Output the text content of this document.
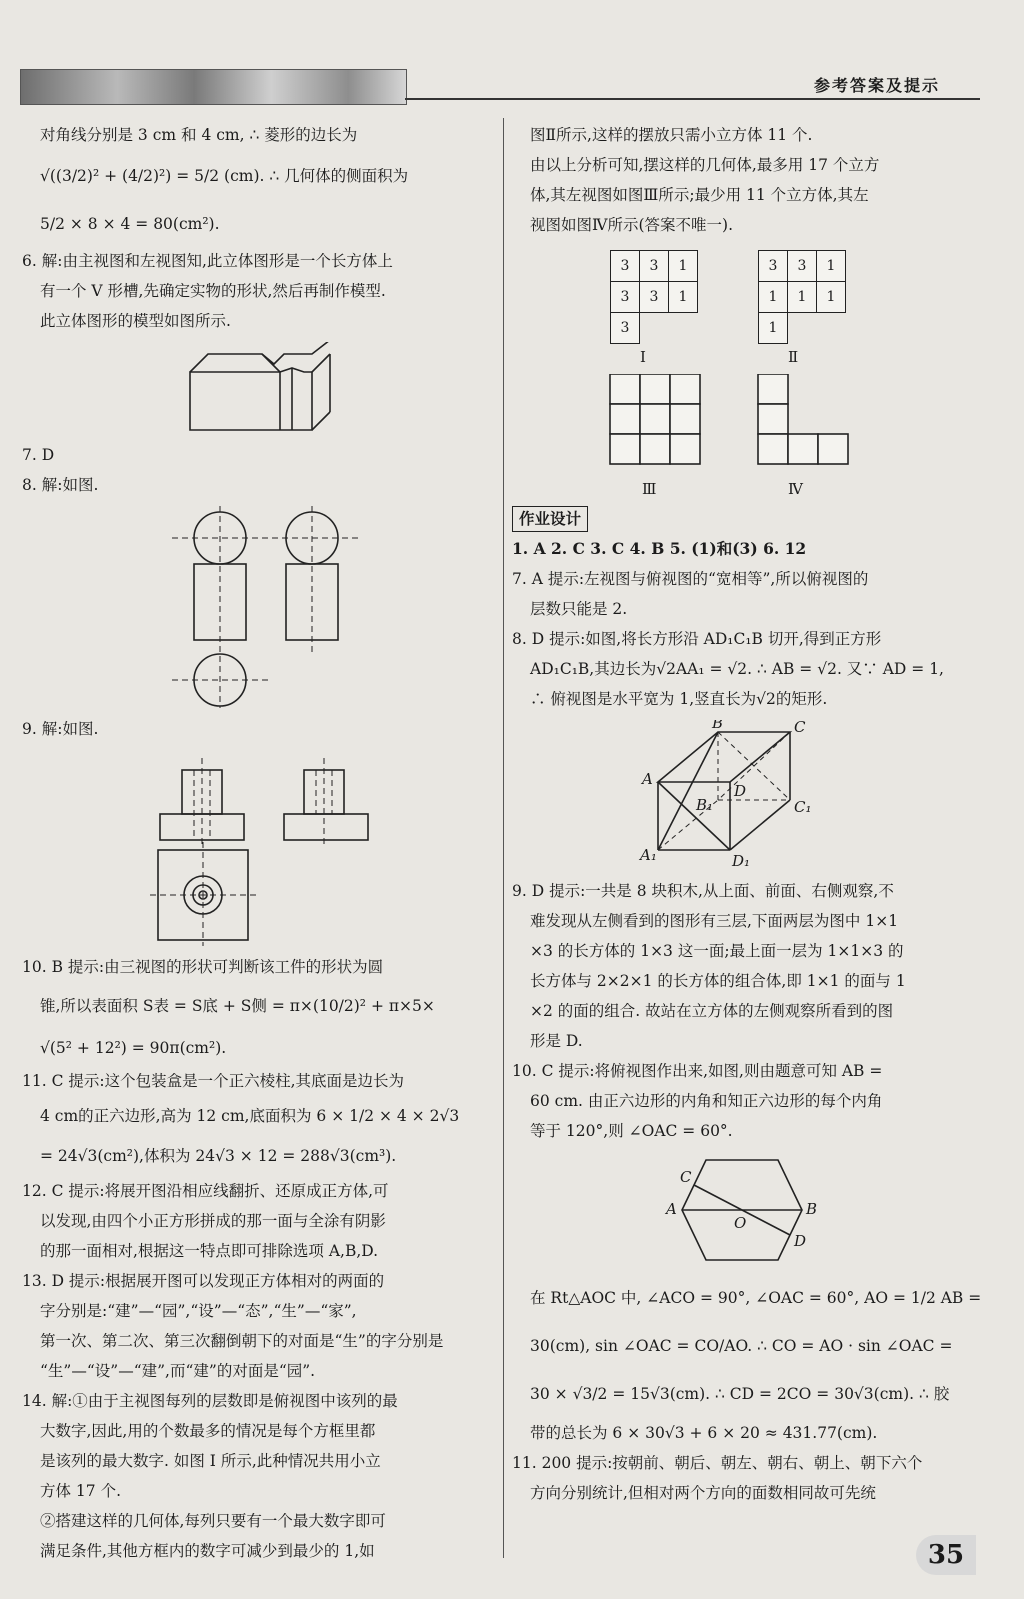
参考答案及提示
对角线分别是 3 cm 和 4 cm, ∴ 菱形的边长为
√((3/2)² + (4/2)²) = 5/2 (cm). ∴ 几何体的侧面积为
5/2 × 8 × 4 = 80(cm²).
6. 解:由主视图和左视图知,此立体图形是一个长方体上
有一个 V 形槽,先确定实物的形状,然后再制作模型.
此立体图形的模型如图所示.
7. D
8. 解:如图.
9. 解:如图.
10. B 提示:由三视图的形状可判断该工件的形状为圆
锥,所以表面积 S表 = S底 + S侧 = π×(10/2)² + π×5×
√(5² + 12²) = 90π(cm²).
11. C 提示:这个包装盒是一个正六棱柱,其底面是边长为
4 cm的正六边形,高为 12 cm,底面积为 6 × 1/2 × 4 × 2√3
= 24√3(cm²),体积为 24√3 × 12 = 288√3(cm³).
12. C 提示:将展开图沿相应线翻折、还原成正方体,可
以发现,由四个小正方形拼成的那一面与全涂有阴影
的那一面相对,根据这一特点即可排除选项 A,B,D.
13. D 提示:根据展开图可以发现正方体相对的两面的
字分别是:“建”—“园”,“设”—“态”,“生”—“家”,
第一次、第二次、第三次翻倒朝下的对面是“生”的字分别是
“生”—“设”—“建”,而“建”的对面是“园”.
14. 解:①由于主视图每列的层数即是俯视图中该列的最
大数字,因此,用的个数最多的情况是每个方框里都
是该列的最大数字. 如图 I 所示,此种情况共用小立
方体 17 个.
②搭建这样的几何体,每列只要有一个最大数字即可
满足条件,其他方框内的数字可减少到最少的 1,如
图Ⅱ所示,这样的摆放只需小立方体 11 个.
由以上分析可知,摆这样的几何体,最多用 17 个立方
体,其左视图如图Ⅲ所示;最少用 11 个立方体,其左
视图如图Ⅳ所示(答案不唯一).
3	3	1
3	3	1
3		
3	3	1
1	1	1
1		
Ⅰ	Ⅱ
Ⅲ	Ⅳ
作业设计
1. A 2. C 3. C 4. B 5. (1)和(3) 6. 12
7. A 提示:左视图与俯视图的“宽相等”,所以俯视图的
层数只能是 2.
8. D 提示:如图,将长方形沿 AD₁C₁B 切开,得到正方形
AD₁C₁B,其边长为√2AA₁ = √2. ∴ AB = √2. 又∵ AD = 1,
∴ 俯视图是水平宽为 1,竖直长为√2的矩形.
B	C
A
B₁
D
C₁
A₁	D₁
9. D 提示:一共是 8 块积木,从上面、前面、右侧观察,不
难发现从左侧看到的图形有三层,下面两层为图中 1×1
×3 的长方体的 1×3 这一面;最上面一层为 1×1×3 的
长方体与 2×2×1 的长方体的组合体,即 1×1 的面与 1
×2 的面的组合. 故站在立方体的左侧观察所看到的图
形是 D.
10. C 提示:将俯视图作出来,如图,则由题意可知 AB =
60 cm. 由正六边形的内角和知正六边形的每个内角
等于 120°,则 ∠OAC = 60°.
C
A
O
B
D
在 Rt△AOC 中, ∠ACO = 90°, ∠OAC = 60°, AO = 1/2 AB =
30(cm), sin ∠OAC = CO/AO. ∴ CO = AO · sin ∠OAC =
30 × √3/2 = 15√3(cm). ∴ CD = 2CO = 30√3(cm). ∴ 胶
带的总长为 6 × 30√3 + 6 × 20 ≈ 431.77(cm).
11. 200 提示:按朝前、朝后、朝左、朝右、朝上、朝下六个
方向分别统计,但相对两个方向的面数相同故可先统
35
